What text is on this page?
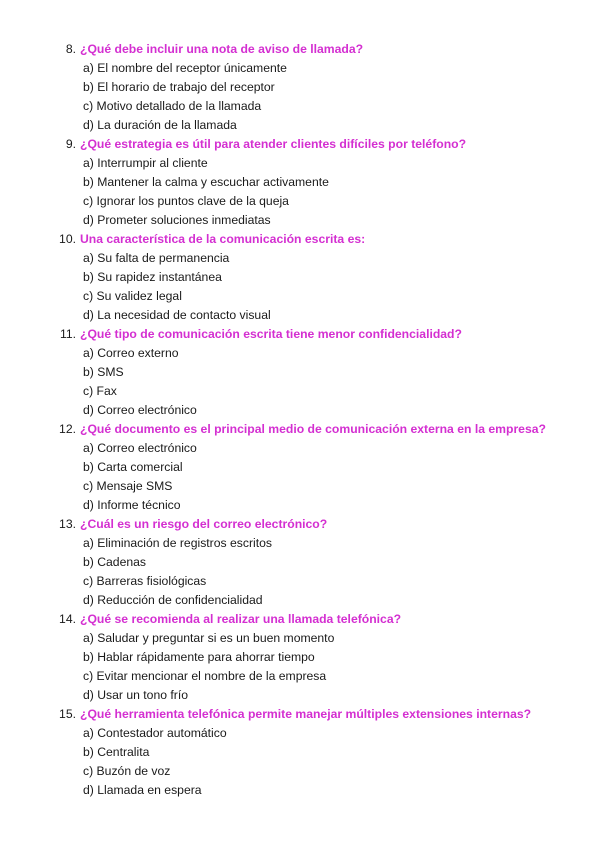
8. ¿Qué debe incluir una nota de aviso de llamada?
a) El nombre del receptor únicamente
b) El horario de trabajo del receptor
c) Motivo detallado de la llamada
d) La duración de la llamada
9. ¿Qué estrategia es útil para atender clientes difíciles por teléfono?
a) Interrumpir al cliente
b) Mantener la calma y escuchar activamente
c) Ignorar los puntos clave de la queja
d) Prometer soluciones inmediatas
10. Una característica de la comunicación escrita es:
a) Su falta de permanencia
b) Su rapidez instantánea
c) Su validez legal
d) La necesidad de contacto visual
11. ¿Qué tipo de comunicación escrita tiene menor confidencialidad?
a) Correo externo
b) SMS
c) Fax
d) Correo electrónico
12. ¿Qué documento es el principal medio de comunicación externa en la empresa?
a) Correo electrónico
b) Carta comercial
c) Mensaje SMS
d) Informe técnico
13. ¿Cuál es un riesgo del correo electrónico?
a) Eliminación de registros escritos
b) Cadenas
c) Barreras fisiológicas
d) Reducción de confidencialidad
14. ¿Qué se recomienda al realizar una llamada telefónica?
a) Saludar y preguntar si es un buen momento
b) Hablar rápidamente para ahorrar tiempo
c) Evitar mencionar el nombre de la empresa
d) Usar un tono frío
15. ¿Qué herramienta telefónica permite manejar múltiples extensiones internas?
a) Contestador automático
b) Centralita
c) Buzón de voz
d) Llamada en espera
